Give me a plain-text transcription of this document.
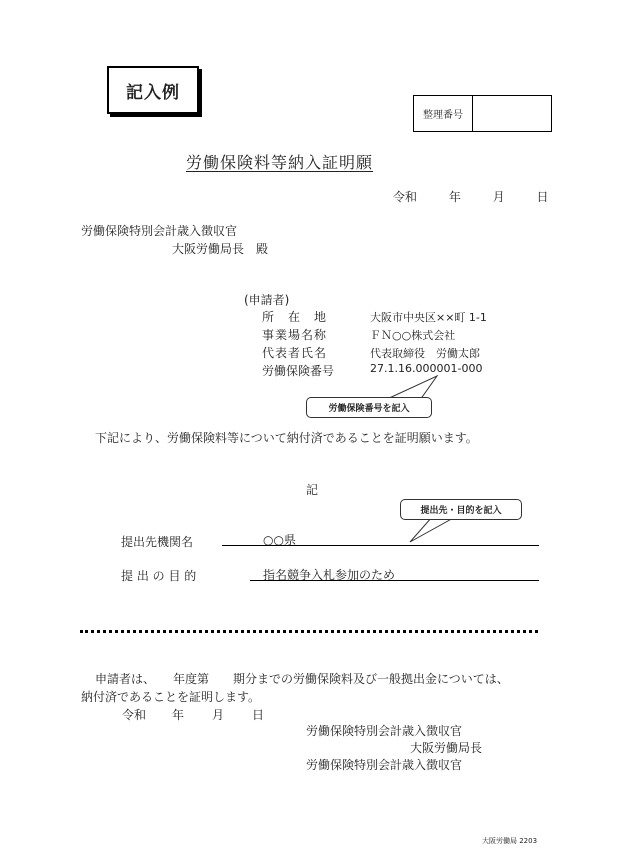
記入例
整理番号
労働保険料等納入証明願
令和	年	月	日
労働保険特別会計歳入徴収官
大阪労働局長　殿
(申請者)
所　在　地	大阪市中央区××町 1-1
事業場名称	ＦＮ○○株式会社
代表者氏名	代表取締役　労働太郎
労働保険番号	27.1.16.000001-000
労働保険番号を記入
下記により、労働保険料等について納付済であることを証明願います。
記
提出先・目的を記入
提出先機関名	○○県
提 出 の 目 的	指名競争入札参加のため
申請者は、　　年度第　　期分までの労働保険料及び一般拠出金については、
納付済であることを証明します。
令和 年 月 日
労働保険特別会計歳入徴収官
大阪労働局長
労働保険特別会計歳入徴収官
大阪労働局 2203
